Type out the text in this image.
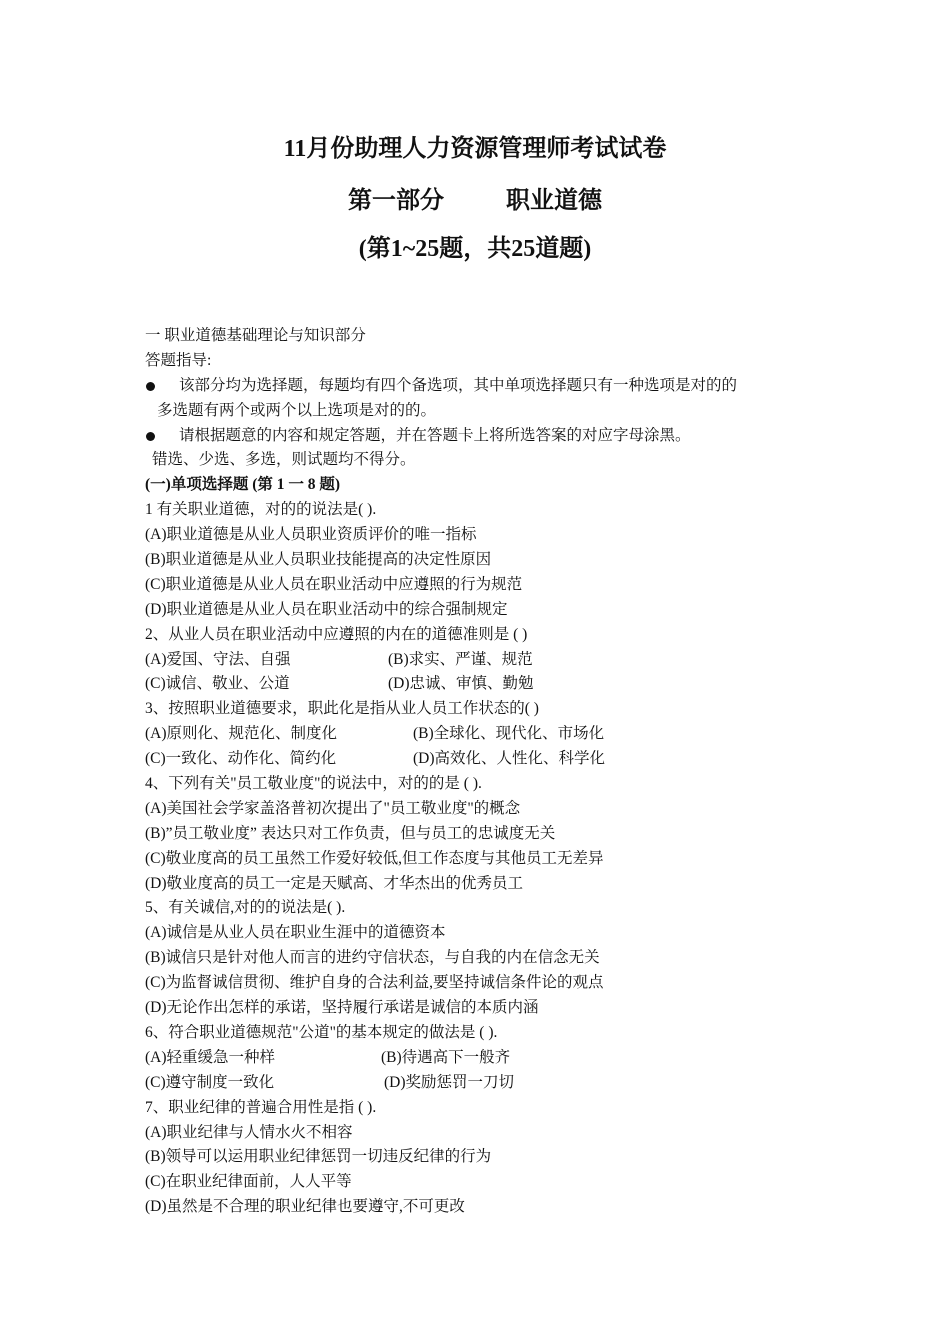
11月份助理人力资源管理师考试试卷
第一部分	职业道德
(第1~25题，共25道题)
一 职业道德基础理论与知识部分
答题指导:
该部分均为选择题，每题均有四个备选项，其中单项选择题只有一种选项是对的的
多选题有两个或两个以上选项是对的的。
请根据题意的内容和规定答题，并在答题卡上将所选答案的对应字母涂黑。
错选、少选、多选，则试题均不得分。
(一)单项选择题 (第 1 一 8 题)
1 有关职业道德，对的的说法是( ).
(A)职业道德是从业人员职业资质评价的唯一指标
(B)职业道德是从业人员职业技能提高的决定性原因
(C)职业道德是从业人员在职业活动中应遵照的行为规范
(D)职业道德是从业人员在职业活动中的综合强制规定
2、从业人员在职业活动中应遵照的内在的道德准则是 ( )
(A)爱国、守法、自强	(B)求实、严谨、规范
(C)诚信、敬业、公道	(D)忠诚、审慎、勤勉
3、按照职业道德要求，职此化是指从业人员工作状态的( )
(A)原则化、规范化、制度化	(B)全球化、现代化、市场化
(C)一致化、动作化、简约化	(D)高效化、人性化、科学化
4、下列有关"员工敬业度"的说法中，对的的是 ( ).
(A)美国社会学家盖洛普初次提出了"员工敬业度"的概念
(B)”员工敬业度” 表达只对工作负责，但与员工的忠诚度无关
(C)敬业度高的员工虽然工作爱好较低,但工作态度与其他员工无差异
(D)敬业度高的员工一定是天赋高、才华杰出的优秀员工
5、有关诚信,对的的说法是( ).
(A)诚信是从业人员在职业生涯中的道德资本
(B)诚信只是针对他人而言的进约守信状态，与自我的内在信念无关
(C)为监督诚信贯彻、维护自身的合法利益,要坚持诚信条件论的观点
(D)无论作出怎样的承诺，坚持履行承诺是诚信的本质内涵
6、符合职业道德规范"公道"的基本规定的做法是 ( ).
(A)轻重缓急一种样	(B)待遇高下一般齐
(C)遵守制度一致化	(D)奖励惩罚一刀切
7、职业纪律的普遍合用性是指 ( ).
(A)职业纪律与人情水火不相容
(B)领导可以运用职业纪律惩罚一切违反纪律的行为
(C)在职业纪律面前，人人平等
(D)虽然是不合理的职业纪律也要遵守,不可更改
